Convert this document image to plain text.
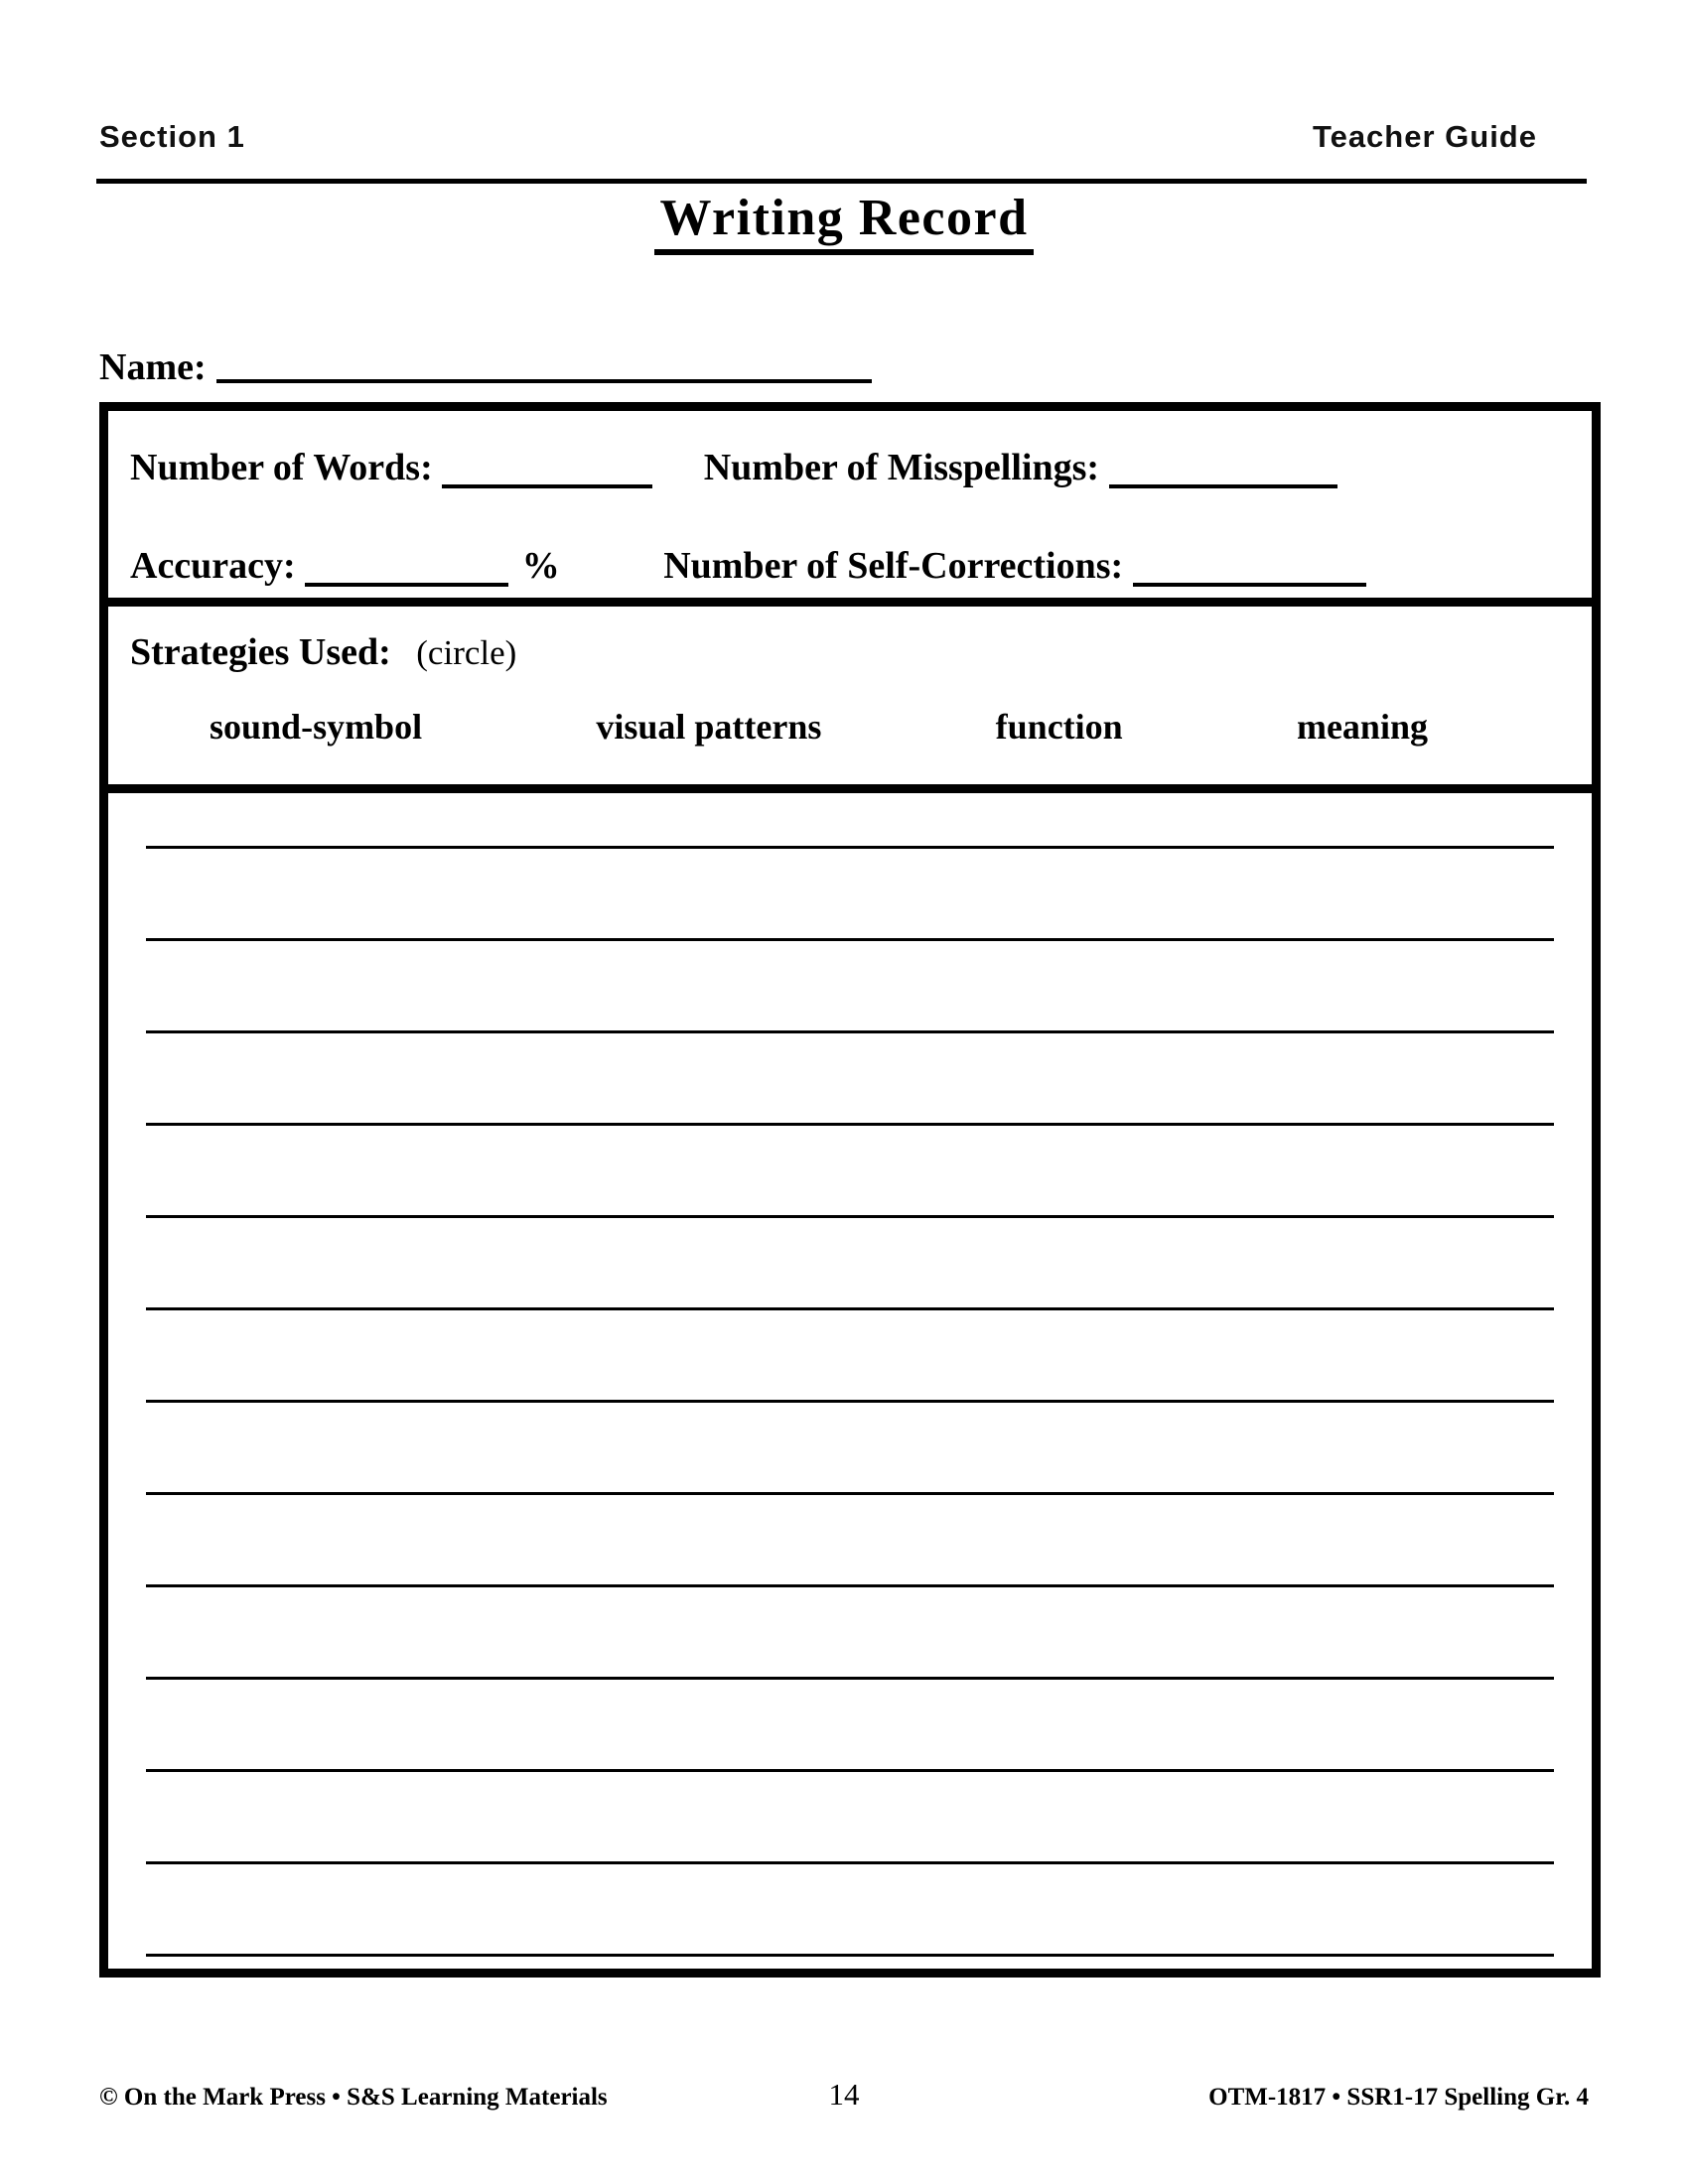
Section 1	Teacher Guide
Writing Record
Name:
Number of Words:	Number of Misspellings:
Accuracy:	%	Number of Self-Corrections:
Strategies Used: (circle)
sound-symbol	visual patterns	function	meaning
© On the Mark Press • S&S Learning Materials	14	OTM-1817 • SSR1-17 Spelling Gr. 4
